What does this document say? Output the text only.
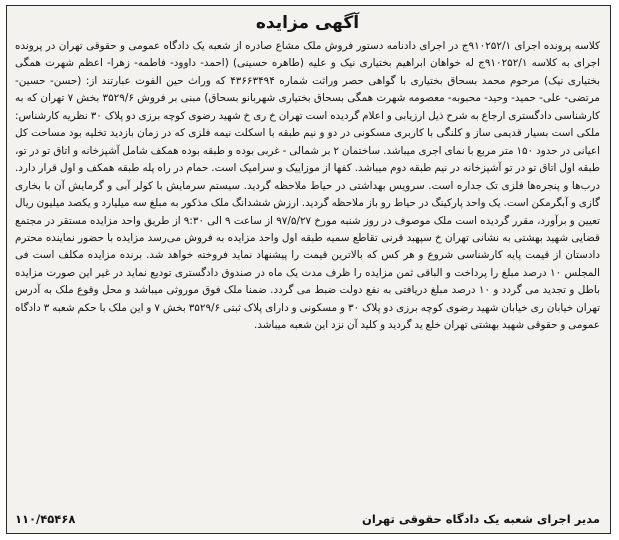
آگهی مزایده

کلاسه پرونده اجرای ۹۱۰۲۵۲/۱ج در اجرای دادنامه دستور فروش ملک مشاع صادره از شعبه یک دادگاه عمومی و حقوقی تهران در پرونده اجرای به کلاسه ۹۱۰۲۵۲/۱ج له خواهان ابراهیم بختیاری نیک و علیه (طاهره حسینی) (احمد- داوود- فاطمه- زهرا- اعظم شهرت همگی بختیاری نیک) مرحوم محمد بسحاق بختیاری با گواهی حصر وراثت شماره ۴۳۶۶۳۴۹۴ که وراث حین الفوت عبارتند از: (حسن- حسین- مرتضی- علی- حمید- وحید- محبوبه- معصومه شهرت همگی بسحاق بختیاری شهربانو بسحاق) مبنی بر فروش ۳۵۲۹/۶ بخش ۷ تهران که به کارشناسی دادگستری ارجاع به شرح ذیل ارزیابی و اعلام گردیده است تهران خ ری خ شهید رضوی کوچه برزی دو پلاک ۳۰ نظریه کارشناس: ملکی است بسیار قدیمی ساز و کلنگی با کاربری مسکونی در دو و نیم طبقه با اسکلت نیمه فلزی که در زمان بازدید تخلیه بود مساحت کل اعیانی در حدود ۱۵۰ متر مربع با نمای اجری میباشد. ساختمان ۲ بر شمالی - غربی بوده و طبقه بوده همکف شامل آشپزخانه و اتاق تو در تو، طبقه اول اتاق تو در تو آشپزخانه در نیم طبقه دوم میباشد. کفها از موزاییک و سرامیک است. حمام در راه پله طبقه همکف و اول قرار دارد. درب‌ها و پنجره‌ها فلزی تک جداره است. سرویس بهداشتی در حیاط ملاحظه گردید. سیستم سرمایش با کولر آبی و گرمایش آن با بخاری گازی و آبگرمکن است. یک واحد پارکینگ در حیاط رو باز ملاحظه گردید. ارزش ششدانگ ملک مذکور به مبلغ سه میلیارد و یکصد میلیون ریال تعیین و برآورد، مقرر گردیده است ملک موصوف در روز شنبه مورخ ۹۷/۵/۲۷ از ساعت ۹ الی ۹:۳۰ از طریق واحد مزایده مستقر در مجتمع قضایی شهید بهشتی به نشانی تهران خ سپهبد قرنی تقاطع سمیه طبقه اول واحد مزایده به فروش می‌رسد مزایده با حضور نماینده محترم دادستان از قیمت پایه کارشناسی شروع و هر کس که بالاترین قیمت را پیشنهاد نماید فروخته خواهد شد. برنده مزایده مکلف است فی المجلس ۱۰ درصد مبلغ را پرداخت و الباقی ثمن مزایده را ظرف مدت یک ماه در صندوق دادگستری تودیع نماید در غیر این صورت مزایده باطل و تجدید می گردد و ۱۰ درصد مبلغ دریافتی به نفع دولت ضبط می گردد. ضمنا ملک فوق موروثی میباشد و محل وقوع ملک به آدرس تهران خیابان ری خیابان شهید رضوی کوچه برزی دو پلاک ۳۰ و مسکونی و دارای پلاک ثبتی ۳۵۲۹/۶ بخش ۷ و این ملک با حکم شعبه ۳ دادگاه عمومی و حقوقی شهید بهشتی تهران خلع ید گردید و کلید آن نزد این شعبه میباشد.

مدیر اجرای شعبه یک دادگاه حقوقی تهران
۱۱۰/۴۵۴۶۸
